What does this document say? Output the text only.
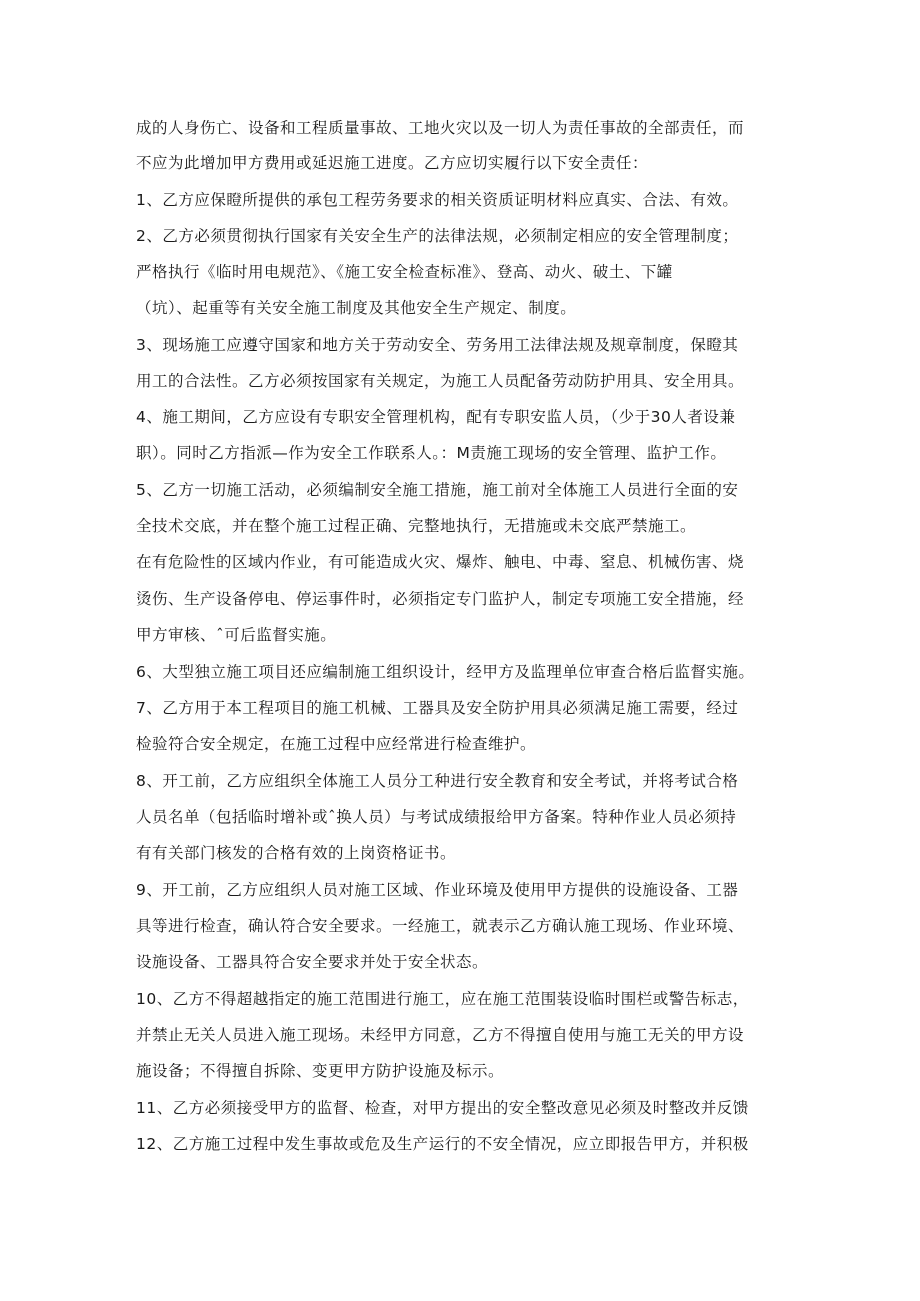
成的人身伤亡、设备和工程质量事故、工地火灾以及一切人为责任事故的全部责任，而

不应为此增加甲方费用或延迟施工进度。乙方应切实履行以下安全责任：

1、乙方应保瞪所提供的承包工程劳务要求的相关资质证明材料应真实、合法、有效。

2、乙方必须贯彻执行国家有关安全生产的法律法规，必须制定相应的安全管理制度；

严格执行《临时用电规范》、《施工安全检查标准》、登高、动火、破土、下罐

（坑）、起重等有关安全施工制度及其他安全生产规定、制度。

3、现场施工应遵守国家和地方关于劳动安全、劳务用工法律法规及规章制度，保瞪其

用工的合法性。乙方必须按国家有关规定，为施工人员配备劳动防护用具、安全用具。

4、施工期间，乙方应设有专职安全管理机构，配有专职安监人员，（少于30人者设兼

职）。同时乙方指派—作为安全工作联系人。：M责施工现场的安全管理、监护工作。

5、乙方一切施工活动，必须编制安全施工措施，施工前对全体施工人员进行全面的安

全技术交底，并在整个施工过程正确、完整地执行，无措施或未交底严禁施工。

在有危险性的区域内作业，有可能造成火灾、爆炸、触电、中毒、窒息、机械伤害、烧

烫伤、生产设备停电、停运事件时，必须指定专门监护人，制定专项施工安全措施，经

甲方审核、ˆ可后监督实施。

6、大型独立施工项目还应编制施工组织设计，经甲方及监理单位审查合格后监督实施。

7、乙方用于本工程项目的施工机械、工器具及安全防护用具必须满足施工需要，经过

检验符合安全规定，在施工过程中应经常进行检查维护。

8、开工前，乙方应组织全体施工人员分工种进行安全教育和安全考试，并将考试合格

人员名单（包括临时增补或ˆ换人员）与考试成绩报给甲方备案。特种作业人员必须持

有有关部门核发的合格有效的上岗资格证书。

9、开工前，乙方应组织人员对施工区域、作业环境及使用甲方提供的设施设备、工器

具等进行检查，确认符合安全要求。一经施工，就表示乙方确认施工现场、作业环境、

设施设备、工器具符合安全要求并处于安全状态。

10、乙方不得超越指定的施工范围进行施工，应在施工范围装设临时围栏或警告标志，

并禁止无关人员进入施工现场。未经甲方同意，乙方不得擅自使用与施工无关的甲方设

施设备；不得擅自拆除、变更甲方防护设施及标示。

11、乙方必须接受甲方的监督、检查，对甲方提出的安全整改意见必须及时整改并反馈

12、乙方施工过程中发生事故或危及生产运行的不安全情况，应立即报告甲方，并积极
